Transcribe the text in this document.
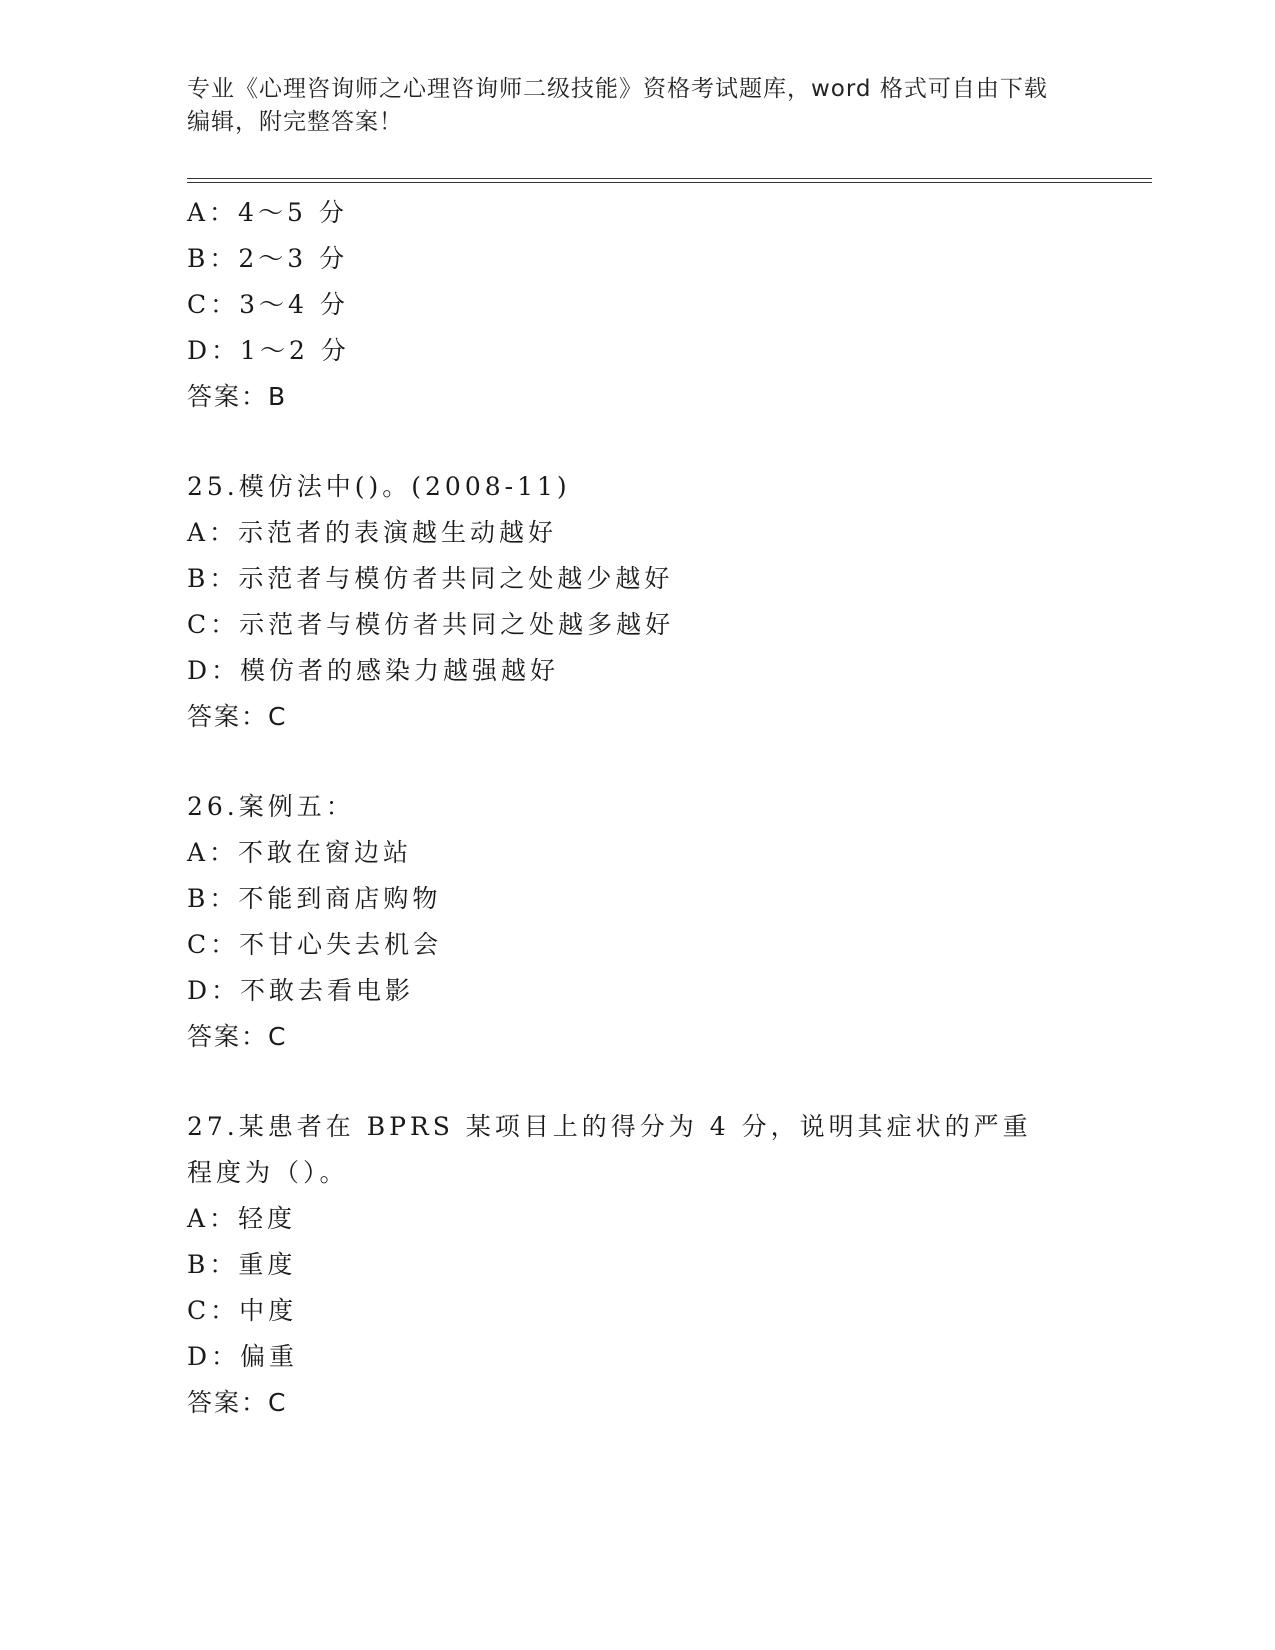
专业《心理咨询师之心理咨询师二级技能》资格考试题库，word 格式可自由下载编辑，附完整答案！
A：4～5 分
B：2～3 分
C：3～4 分
D：1～2 分
答案：B
25.模仿法中()。(2008-11)
A：示范者的表演越生动越好
B：示范者与模仿者共同之处越少越好
C：示范者与模仿者共同之处越多越好
D：模仿者的感染力越强越好
答案：C
26.案例五：
A：不敢在窗边站
B：不能到商店购物
C：不甘心失去机会
D：不敢去看电影
答案：C
27.某患者在 BPRS 某项目上的得分为 4 分，说明其症状的严重程度为（）。
A：轻度
B：重度
C：中度
D：偏重
答案：C
